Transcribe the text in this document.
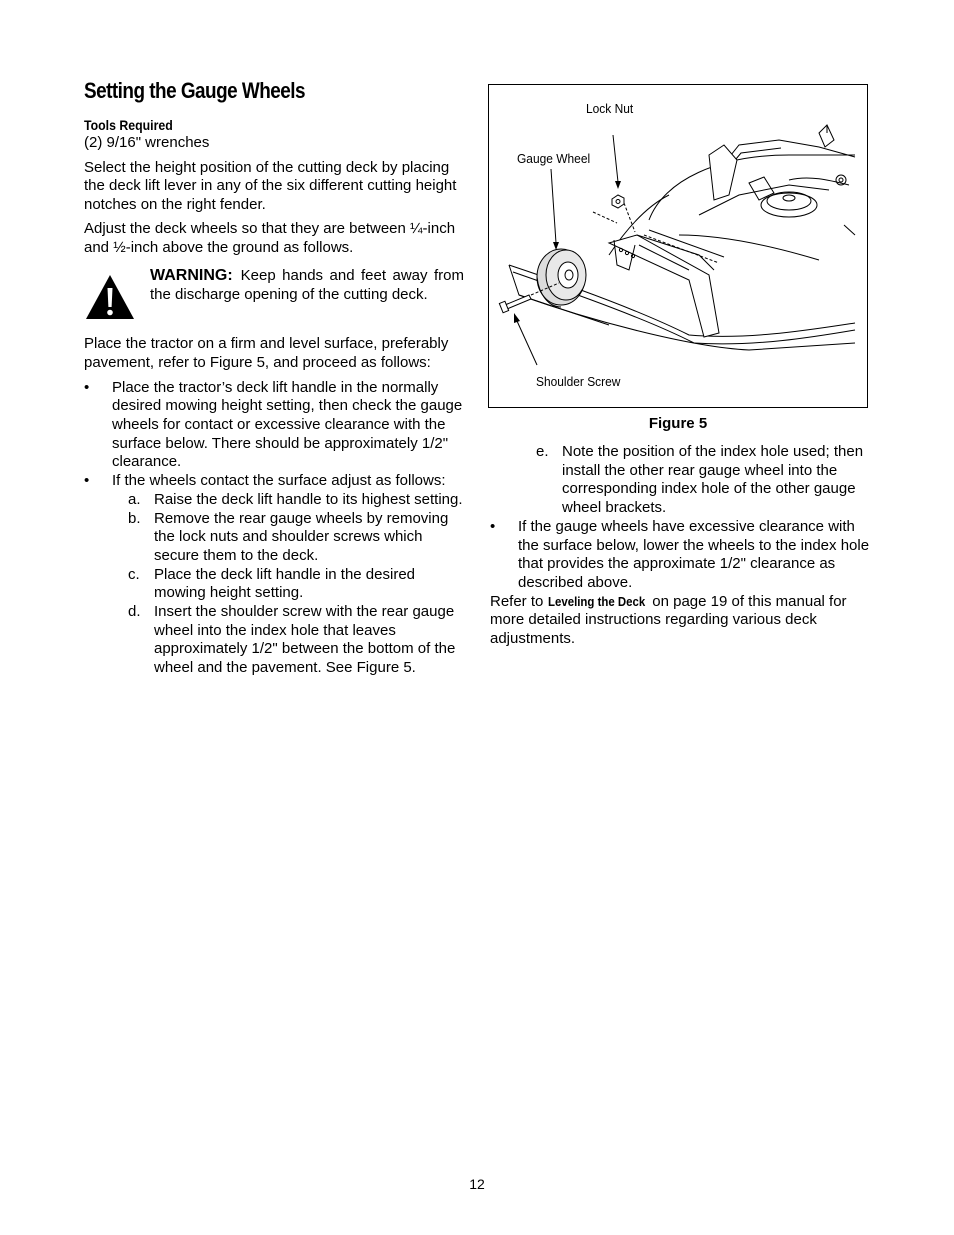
Setting the Gauge Wheels
Tools Required

(2) 9/16" wrenches

Select the height position of the cutting deck by placing the deck lift lever in any of the six different cutting height notches on the right fender.

Adjust the deck wheels so that they are between ¼-inch and ½-inch above the ground as follows.

WARNING: Keep hands and feet away from the discharge opening of the cutting deck.

Place the tractor on a firm and level surface, preferably pavement, refer to Figure 5, and proceed as follows:

• Place the tractor’s deck lift handle in the normally desired mowing height setting, then check the gauge wheels for contact or excessive clearance with the surface below. There should be approximately 1/2" clearance.
• If the wheels contact the surface adjust as follows:
a. Raise the deck lift handle to its highest setting.
b. Remove the rear gauge wheels by removing the lock nuts and shoulder screws which secure them to the deck.
c. Place the deck lift handle in the desired mowing height setting.
d. Insert the shoulder screw with the rear gauge wheel into the index hole that leaves approximately 1/2" between the bottom of the wheel and the pavement. See Figure 5.
Lock Nut
Gauge Wheel
Shoulder Screw
Figure 5
e. Note the position of the index hole used; then install the other rear gauge wheel into the corresponding index hole of the other gauge wheel brackets.
• If the gauge wheels have excessive clearance with the surface below, lower the wheels to the index hole that provides the approximate 1/2" clearance as described above.

Refer to Leveling the Deck on page 19 of this manual for more detailed instructions regarding various deck adjustments.

12
